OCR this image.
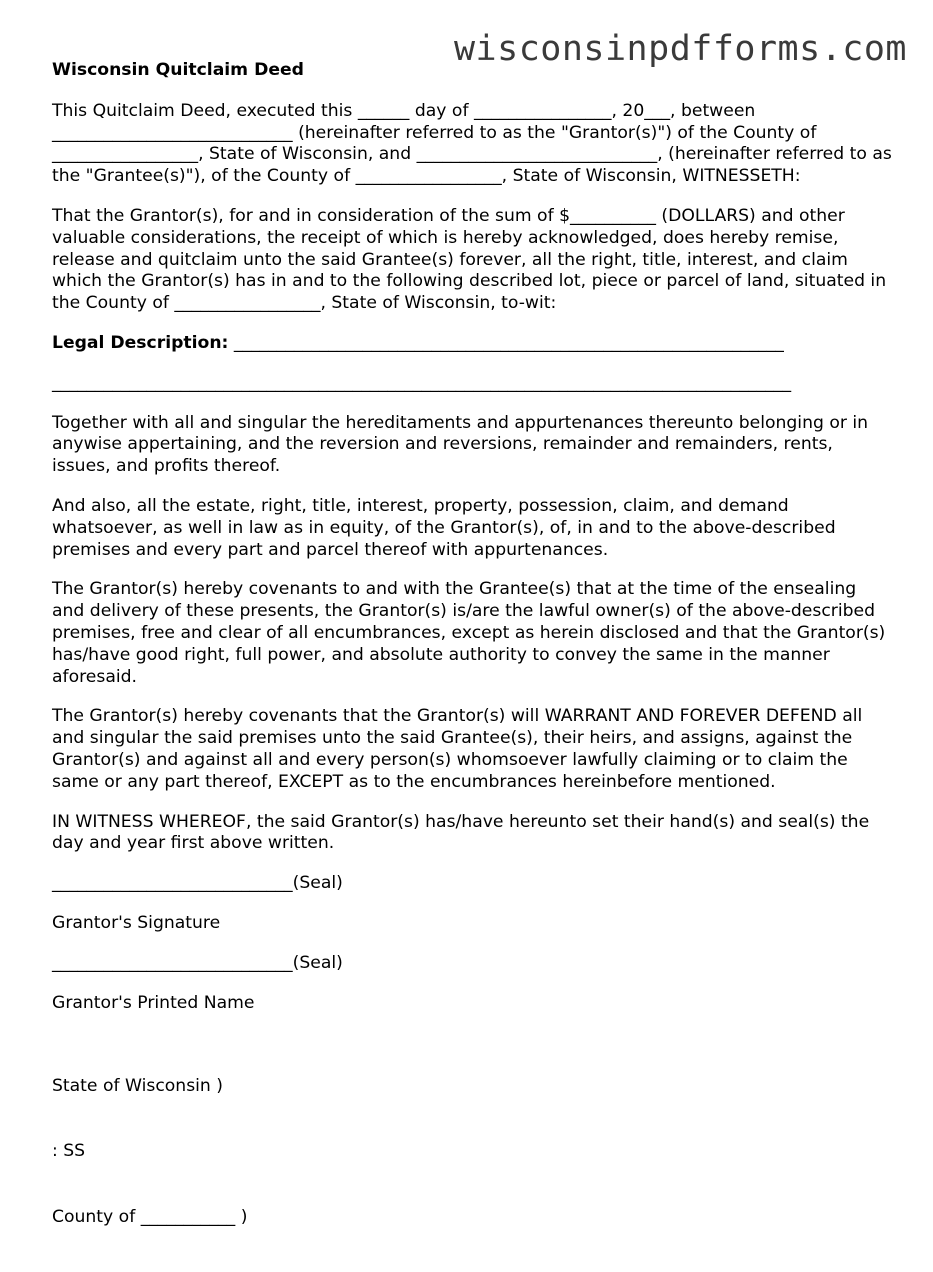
wisconsinpdfforms.com
Wisconsin Quitclaim Deed
This Quitclaim Deed, executed this ______ day of ________________, 20___, between ____________________________ (hereinafter referred to as the "Grantor(s)") of the County of _________________, State of Wisconsin, and ____________________________, (hereinafter referred to as the "Grantee(s)"), of the County of _________________, State of Wisconsin, WITNESSETH:
That the Grantor(s), for and in consideration of the sum of $__________ (DOLLARS) and other valuable considerations, the receipt of which is hereby acknowledged, does hereby remise, release and quitclaim unto the said Grantee(s) forever, all the right, title, interest, and claim which the Grantor(s) has in and to the following described lot, piece or parcel of land, situated in the County of _________________, State of Wisconsin, to-wit:
Legal Description: ________________________________________________________________
______________________________________________________________________________________
Together with all and singular the hereditaments and appurtenances thereunto belonging or in anywise appertaining, and the reversion and reversions, remainder and remainders, rents, issues, and profits thereof.
And also, all the estate, right, title, interest, property, possession, claim, and demand whatsoever, as well in law as in equity, of the Grantor(s), of, in and to the above-described premises and every part and parcel thereof with appurtenances.
The Grantor(s) hereby covenants to and with the Grantee(s) that at the time of the ensealing and delivery of these presents, the Grantor(s) is/are the lawful owner(s) of the above-described premises, free and clear of all encumbrances, except as herein disclosed and that the Grantor(s) has/have good right, full power, and absolute authority to convey the same in the manner aforesaid.
The Grantor(s) hereby covenants that the Grantor(s) will WARRANT AND FOREVER DEFEND all and singular the said premises unto the said Grantee(s), their heirs, and assigns, against the Grantor(s) and against all and every person(s) whomsoever lawfully claiming or to claim the same or any part thereof, EXCEPT as to the encumbrances hereinbefore mentioned.
IN WITNESS WHEREOF, the said Grantor(s) has/have hereunto set their hand(s) and seal(s) the day and year first above written.
____________________________(Seal)
Grantor's Signature
____________________________(Seal)
Grantor's Printed Name

State of Wisconsin )

: SS

County of ___________ )
